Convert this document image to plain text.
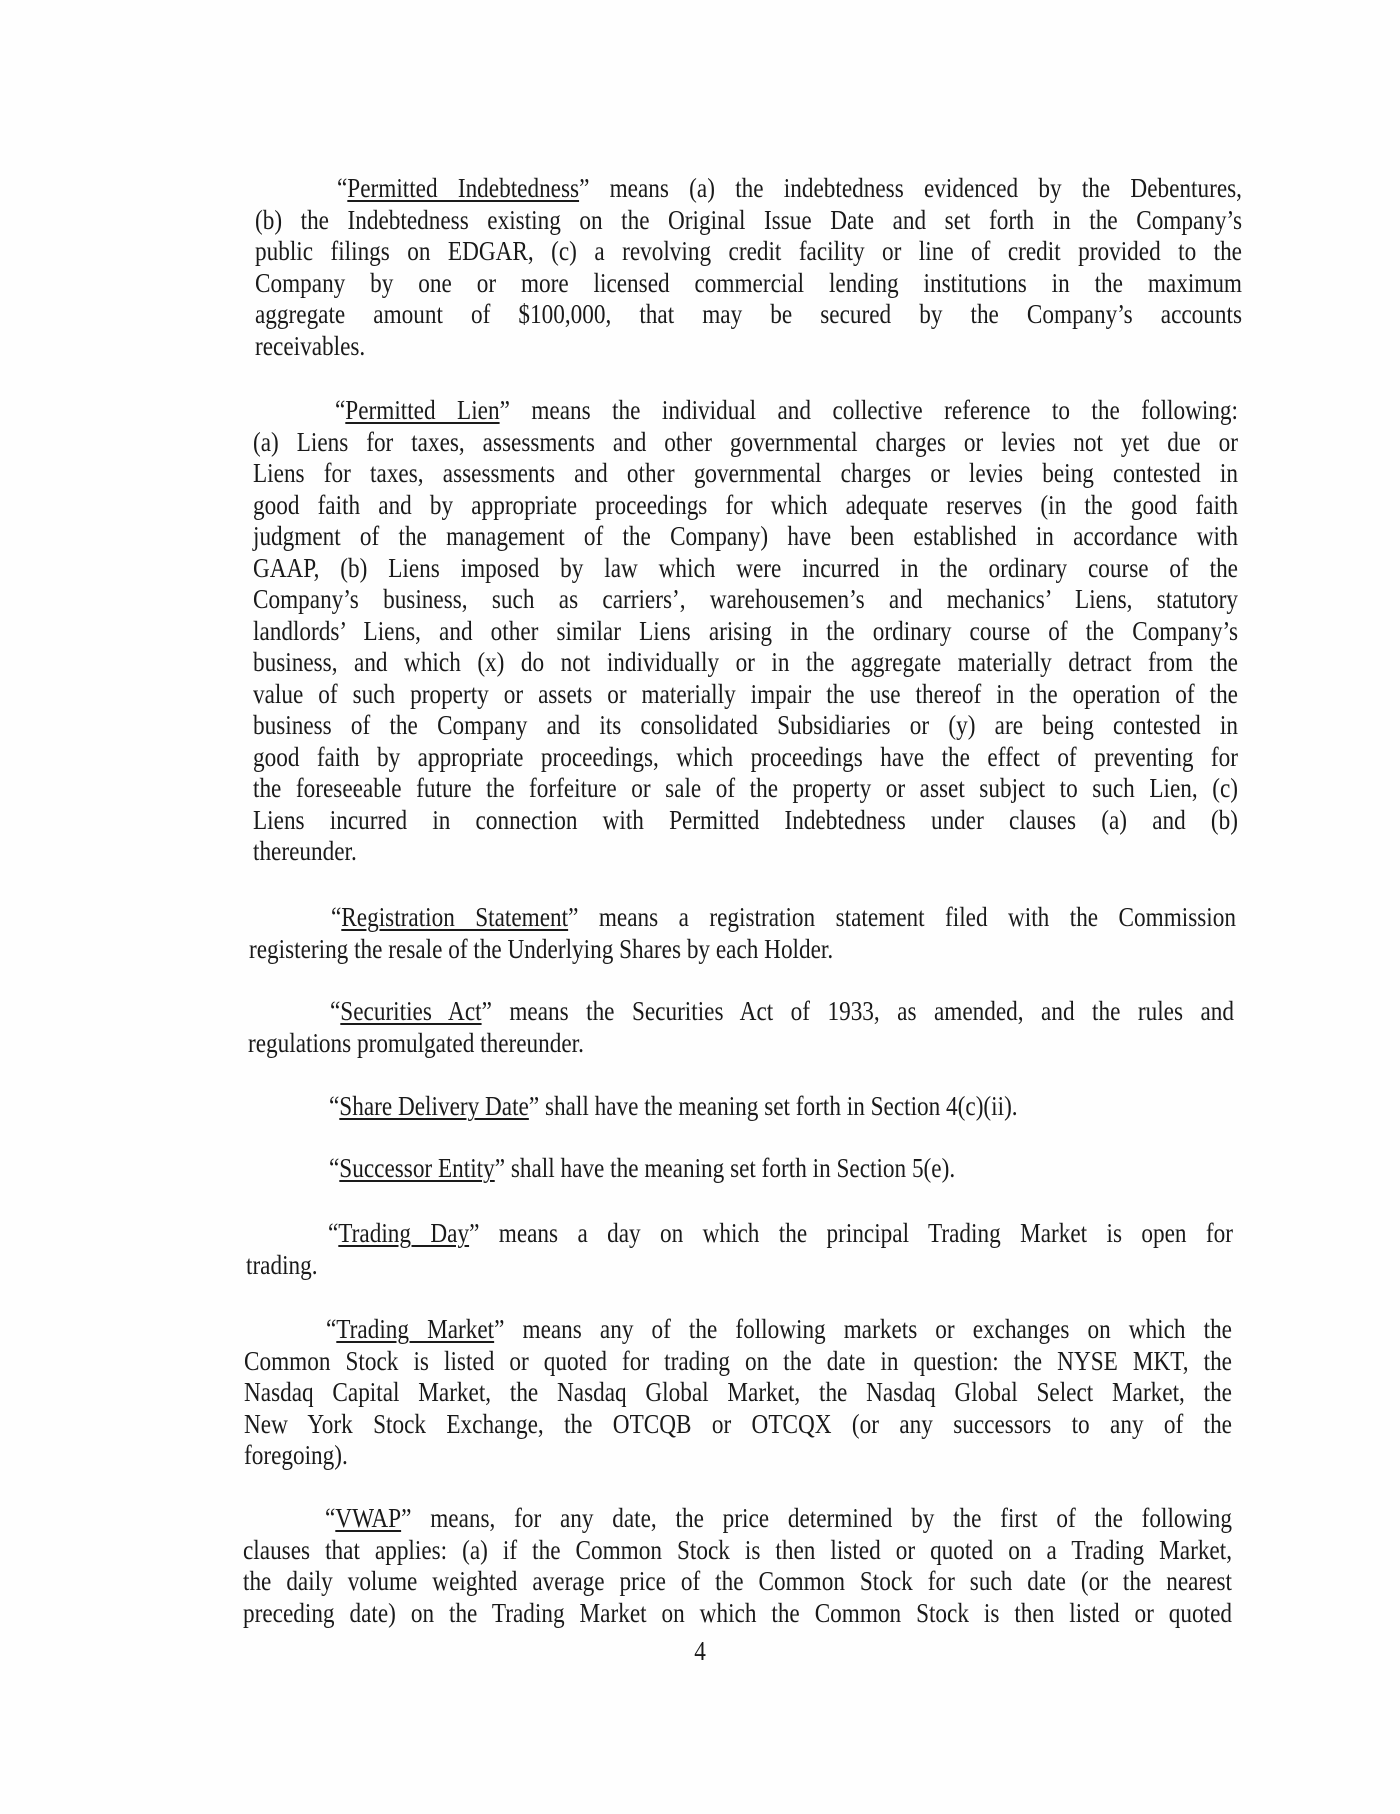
“Permitted Indebtedness” means (a) the indebtedness evidenced by the Debentures,
(b) the Indebtedness existing on the Original Issue Date and set forth in the Company’s
public filings on EDGAR, (c) a revolving credit facility or line of credit provided to the
Company by one or more licensed commercial lending institutions in the maximum
aggregate amount of $100,000, that may be secured by the Company’s accounts
receivables.
“Permitted Lien” means the individual and collective reference to the following:
(a) Liens for taxes, assessments and other governmental charges or levies not yet due or
Liens for taxes, assessments and other governmental charges or levies being contested in
good faith and by appropriate proceedings for which adequate reserves (in the good faith
judgment of the management of the Company) have been established in accordance with
GAAP, (b) Liens imposed by law which were incurred in the ordinary course of the
Company’s business, such as carriers’, warehousemen’s and mechanics’ Liens, statutory
landlords’ Liens, and other similar Liens arising in the ordinary course of the Company’s
business, and which (x) do not individually or in the aggregate materially detract from the
value of such property or assets or materially impair the use thereof in the operation of the
business of the Company and its consolidated Subsidiaries or (y) are being contested in
good faith by appropriate proceedings, which proceedings have the effect of preventing for
the foreseeable future the forfeiture or sale of the property or asset subject to such Lien, (c)
Liens incurred in connection with Permitted Indebtedness under clauses (a) and (b)
thereunder.
“Registration Statement” means a registration statement filed with the Commission
registering the resale of the Underlying Shares by each Holder.
“Securities Act” means the Securities Act of 1933, as amended, and the rules and
regulations promulgated thereunder.
“Share Delivery Date” shall have the meaning set forth in Section 4(c)(ii).
“Successor Entity” shall have the meaning set forth in Section 5(e).
“Trading Day” means a day on which the principal Trading Market is open for
trading.
“Trading Market” means any of the following markets or exchanges on which the
Common Stock is listed or quoted for trading on the date in question: the NYSE MKT, the
Nasdaq Capital Market, the Nasdaq Global Market, the Nasdaq Global Select Market, the
New York Stock Exchange, the OTCQB or OTCQX (or any successors to any of the
foregoing).
“VWAP” means, for any date, the price determined by the first of the following
clauses that applies: (a) if the Common Stock is then listed or quoted on a Trading Market,
the daily volume weighted average price of the Common Stock for such date (or the nearest
preceding date) on the Trading Market on which the Common Stock is then listed or quoted
4
